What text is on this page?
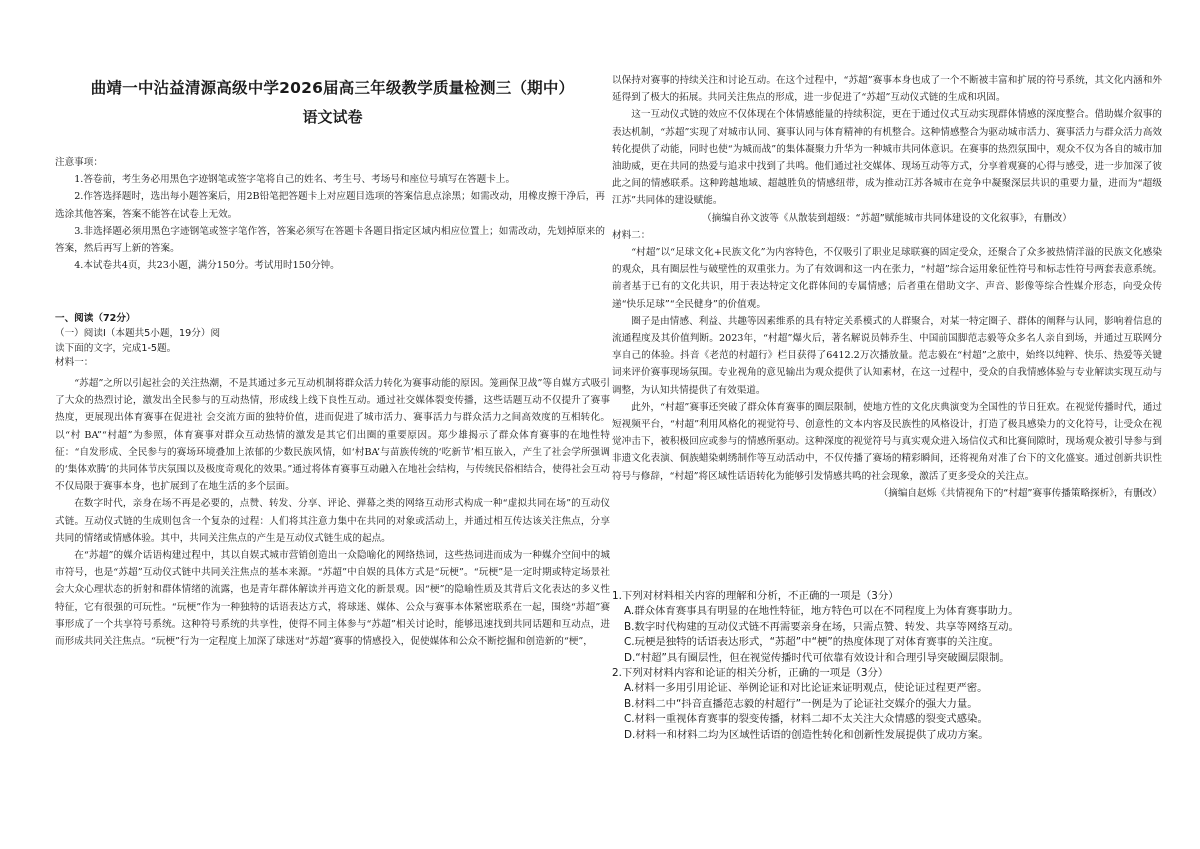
曲靖一中沾益清源高级中学2026届高三年级教学质量检测三（期中）
语文试卷

注意事项：

1.答卷前，考生务必用黑色字迹钢笔或签字笔将自己的姓名、考生号、考场号和座位号填写在答题卡上。

2.作答选择题时，选出每小题答案后，用2B铅笔把答题卡上对应题目选项的答案信息点涂黑；如需改动，用橡皮擦干净后，再选涂其他答案，答案不能答在试卷上无效。

3.非选择题必须用黑色字迹钢笔或签字笔作答，答案必须写在答题卡各题目指定区域内相应位置上；如需改动，先划掉原来的答案，然后再写上新的答案。

4.本试卷共4页，共23小题，满分150分。考试用时150分钟。

一、阅读（72分）

（一）阅读I（本题共5小题，19分）阅

读下面的文字，完成1-5题。

材料一：

“苏超”之所以引起社会的关注热潮，不是其通过多元互动机制将群众活力转化为赛事动能的原因。笼画保卫战”等自媒方式吸引了大众的热烈讨论，激发出全民参与的互动热情，形成线上线下良性互动。通过社交媒体裂变传播，这些话题互动不仅提升了赛事热度，更展现出体育赛事在促进社 会交流方面的独特价值，进而促进了城市活力、赛事活力与群众活力之间高效度的互相转化。以“村 BA”“村超”为参照，体育赛事对群众互动热情的激发是其它们出圈的重要原因。郑少雄揭示了群众体育赛事的在地性特征：“自发形成、全民参与的赛场环境叠加上浓郁的少数民族风情，如‘村BA’与苗族传统的‘吃新节’相互嵌入，产生了社会学所强调的‘集体欢腾’的共同体节庆氛围以及极度奇观化的效果。”通过将体育赛事互动融入在地社会结构，与传统民俗相结合，使得社会互动不仅局限于赛事本身，也扩展到了在地生活的多个层面。

在数字时代，亲身在场不再是必要的，点赞、转发、分享、评论、弹幕之类的网络互动形式构成一种“虚拟共同在场”的互动仪式链。互动仪式链的生成则包含一个复杂的过程：人们将其注意力集中在共同的对象或活动上，并通过相互传达该关注焦点，分享共同的情绪或情感体验。其中，共同关注焦点的产生是互动仪式链生成的起点。

在“苏超”的媒介话语构建过程中，其以自娱式城市营销创造出一众隐喻化的网络热词，这些热词进而成为一种媒介空间中的城市符号，也是“苏超”互动仪式链中共同关注焦点的基本来源。“苏超”中自娱的具体方式是“玩梗”。“玩梗”是一定时期或特定场景社会大众心理状态的折射和群体情绪的流露，也是青年群体解读并再造文化的新景观。因“梗”的隐喻性质及其背后文化表达的多义性特征，它有很强的可玩性。“玩梗”作为一种独特的话语表达方式，将球迷、媒体、公众与赛事本体紧密联系在一起，围绕“苏超”赛事形成了一个共享符号系统。这种符号系统的共享性，使得不同主体参与“苏超”相关讨论时，能够迅速找到共同话题和互动点，进而形成共同关注焦点。“玩梗”行为一定程度上加深了球迷对“苏超”赛事的情感投入，促使媒体和公众不断挖掘和创造新的“梗”，

以保持对赛事的持续关注和讨论互动。在这个过程中，“苏超”赛事本身也成了一个不断被丰富和扩展的符号系统，其文化内涵和外延得到了极大的拓展。共同关注焦点的形成，进一步促进了“苏超”互动仪式链的生成和巩固。

这一互动仪式链的效应不仅体现在个体情感能量的持续积淀，更在于通过仪式互动实现群体情感的深度整合。借助媒介叙事的表达机制，“苏超”实现了对城市认同、赛事认同与体育精神的有机整合。这种情感整合为驱动城市活力、赛事活力与群众活力高效转化提供了动能，同时也使“为城而战”的集体凝聚力升华为一种城市共同体意识。在赛事的热烈氛围中，观众不仅为各自的城市加油助威，更在共同的热爱与追求中找到了共鸣。他们通过社交媒体、现场互动等方式，分享着观赛的心得与感受，进一步加深了彼此之间的情感联系。这种跨越地域、超越胜负的情感纽带，成为推动江苏各城市在竞争中凝聚深层共识的重要力量，进而为“超级江苏”共同体的建设赋能。

（摘编自孙文波等《从散装到超级：“苏超”赋能城市共同体建设的文化叙事》，有删改）

材料二：

“村超”以“足球文化+民族文化”为内容特色，不仅吸引了职业足球联赛的固定受众，还聚合了众多被热情洋溢的民族文化感染的观众，具有圈层性与破壁性的双重张力。为了有效调和这一内在张力，“村超”综合运用象征性符号和标志性符号两套表意系统。前者基于已有的文化共识，用于表达特定文化群体间的专属情感；后者重在借助文字、声音、影像等综合性媒介形态，向受众传递“快乐足球”“全民健身”的价值观。

圈子是由情感、利益、共趣等因素维系的具有特定关系模式的人群聚合，对某一特定圈子、群体的阐释与认同，影响着信息的流通程度及其价值判断。2023年，“村超”爆火后，著名解说员韩乔生、中国前国脚范志毅等众多名人亲自到场，并通过互联网分享自己的体验。抖音《老范的村超行》栏目获得了6412.2万次播放量。范志毅在“村超”之旅中，始终以纯粹、快乐、热爱等关键词来评价赛事现场氛围。专业视角的意见输出为观众提供了认知素材，在这一过程中，受众的自我情感体验与专业解读实现互动与调整，为认知共情提供了有效渠道。

此外，“村超”赛事还突破了群众体育赛事的圈层限制，使地方性的文化庆典演变为全国性的节日狂欢。在视觉传播时代，通过短视频平台，“村超”利用风格化的视觉符号、创意性的文本内容及民族性的风格设计，打造了极具感染力的文化符号，让受众在视觉冲击下，被积极回应或参与的情感所驱动。这种深度的视觉符号与真实观众进入场信仪式和比赛间隙时，现场观众被引导参与到非遗文化表演、侗族蜡染刺绣制作等互动活动中，不仅传播了赛场的精彩瞬间，还将视角对准了台下的文化盛宴。通过创新共识性符号与修辞，“村超”将区域性话语转化为能够引发情感共鸣的社会现象，激活了更多受众的关注点。

（摘编自赵烁《共情视角下的“村超”赛事传播策略探析》，有删改）

1.下列对材料相关内容的理解和分析，不正确的一项是（3分）

A.群众体育赛事具有明显的在地性特征，地方特色可以在不同程度上为体育赛事助力。

B.数字时代构建的互动仪式链不再需要亲身在场，只需点赞、转发、共享等网络互动。

C.玩梗是独特的话语表达形式，“苏超”中“梗”的热度体现了对体育赛事的关注度。

D.“村超”具有圈层性，但在视觉传播时代可依靠有效设计和合理引导突破圈层限制。

2.下列对材料内容和论证的相关分析，正确的一项是（3分）

A.材料一多用引用论证、举例论证和对比论证来证明观点，使论证过程更严密。

B.材料二中“抖音直播范志毅的村超行”一例是为了论证社交媒介的强大力量。

C.材料一重视体育赛事的裂变传播，材料二却不太关注大众情感的裂变式感染。

D.材料一和材料二均为区域性话语的创造性转化和创新性发展提供了成功方案。
